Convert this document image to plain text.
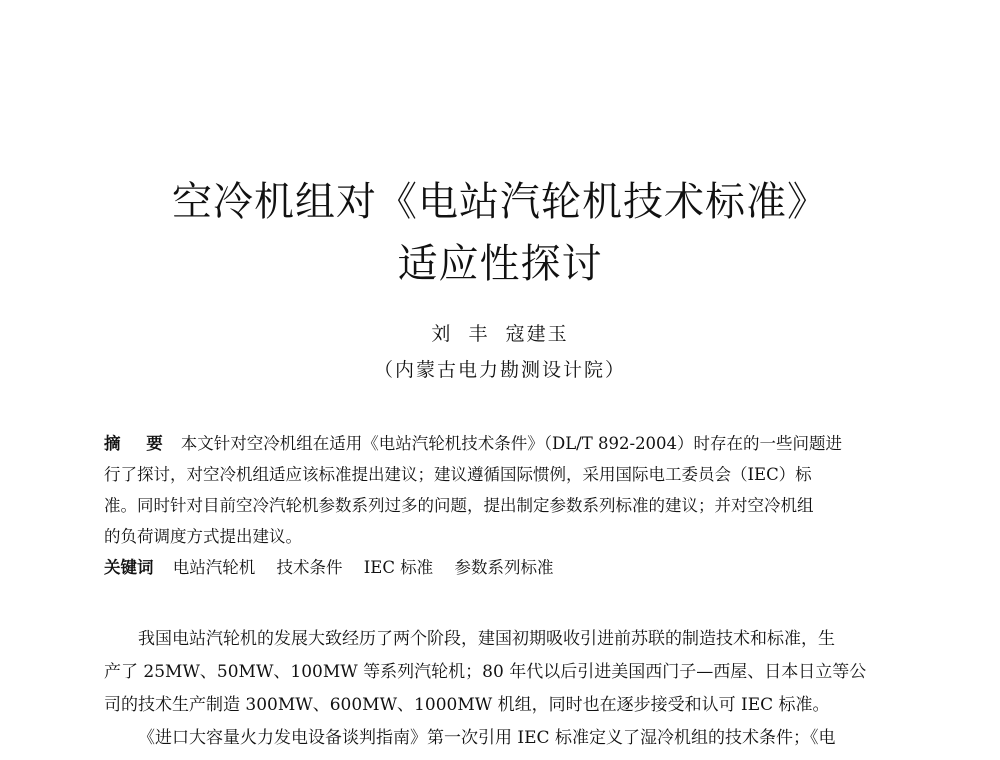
空冷机组对《电站汽轮机技术标准》
适应性探讨
刘  丰  寇建玉
（内蒙古电力勘测设计院）
摘 要 本文针对空冷机组在适用《电站汽轮机技术条件》（DL/T 892-2004）时存在的一些问题进
行了探讨，对空冷机组适应该标准提出建议；建议遵循国际惯例，采用国际电工委员会（IEC）标
准。同时针对目前空冷汽轮机参数系列过多的问题，提出制定参数系列标准的建议；并对空冷机组
的负荷调度方式提出建议。
关键词 电站汽轮机 技术条件 IEC 标准 参数系列标准
我国电站汽轮机的发展大致经历了两个阶段，建国初期吸收引进前苏联的制造技术和标准，生
产了 25MW、50MW、100MW 等系列汽轮机；80 年代以后引进美国西门子—西屋、日本日立等公
司的技术生产制造 300MW、600MW、1000MW 机组，同时也在逐步接受和认可 IEC 标准。
《进口大容量火力发电设备谈判指南》第一次引用 IEC 标准定义了湿冷机组的技术条件；《电
